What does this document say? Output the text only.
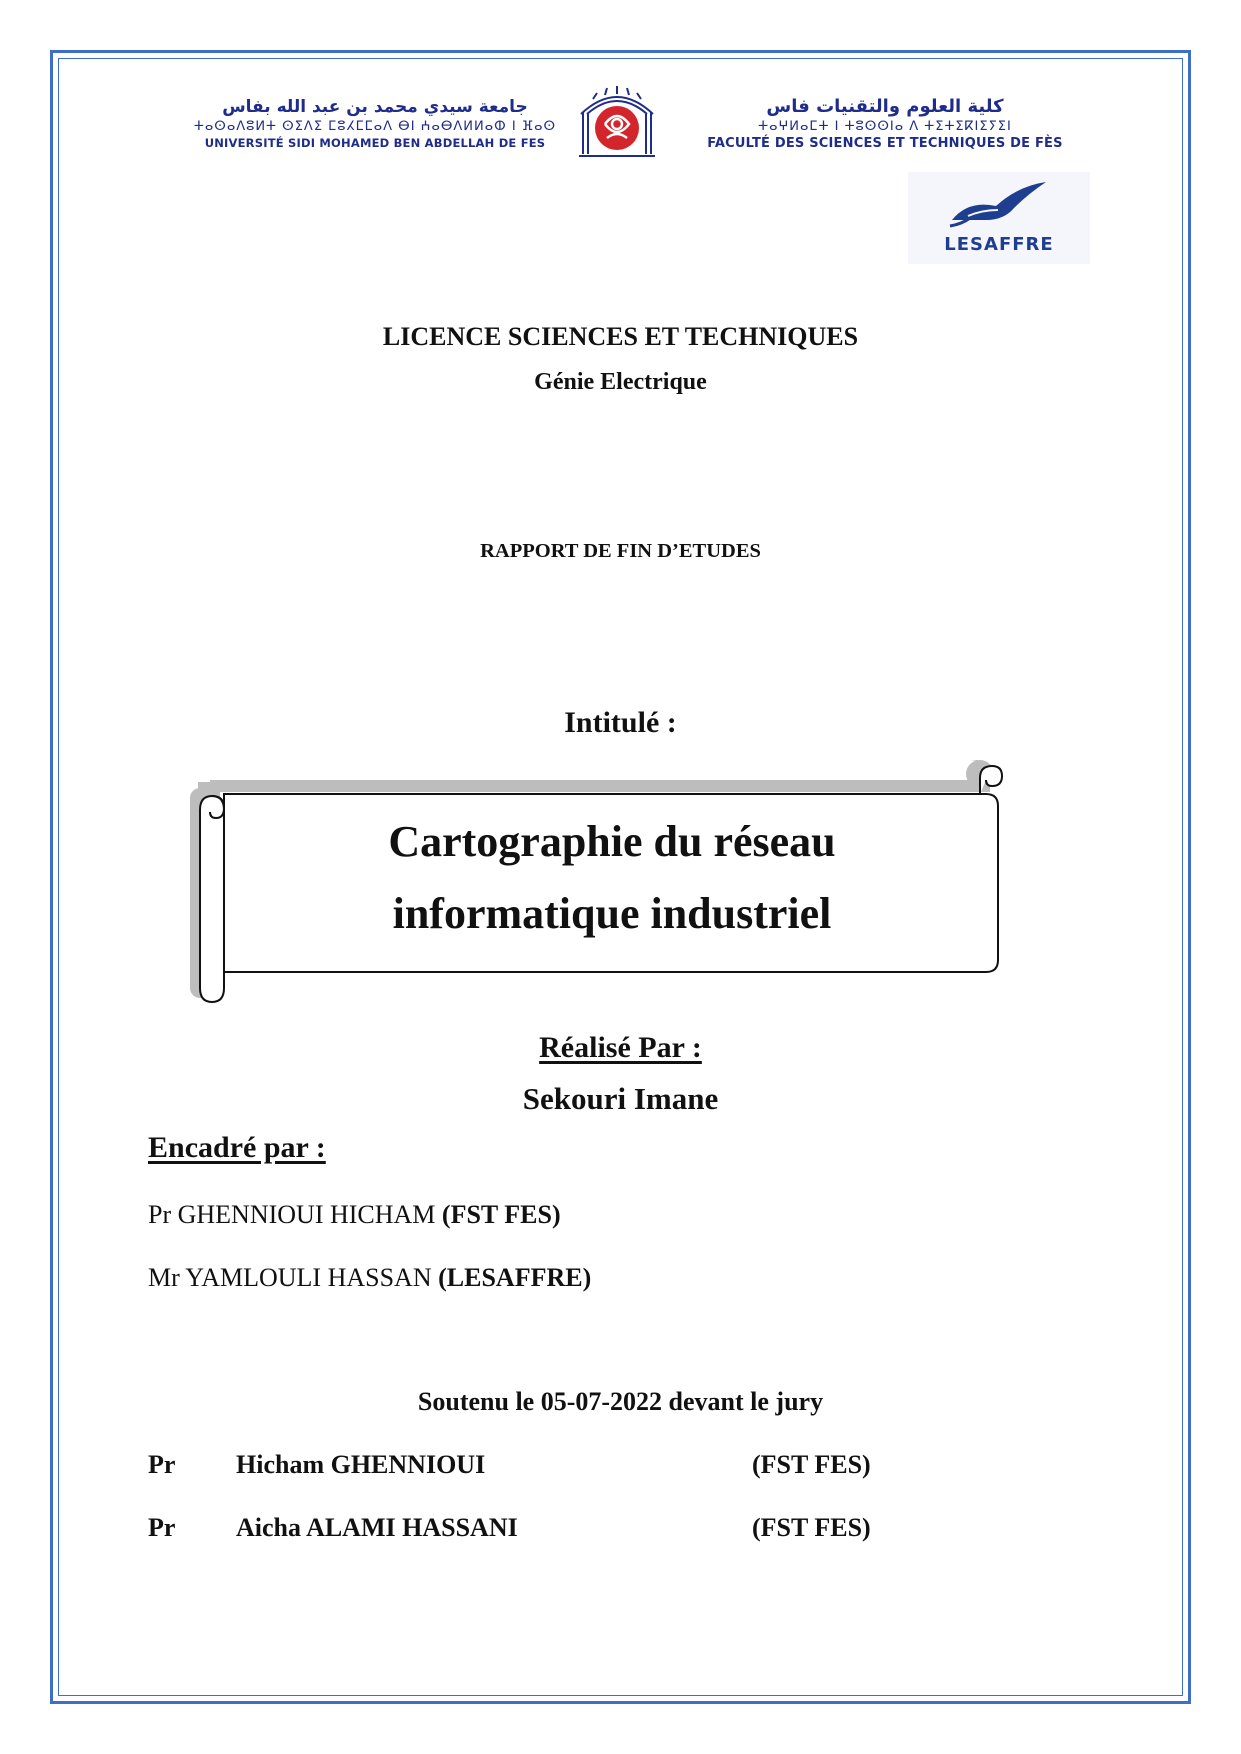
جامعة سيدي محمد بن عبد الله بفاس
ⵜⴰⵙⴰⴷⵓⵍⵜ ⵙⵉⴷⵉ ⵎⵓⵃⵎⵎⴰⴷ ⴱⵏ ⵄⴰⴱⴷⵍⵍⴰⵀ ⵏ ⴼⴰⵙ
UNIVERSITÉ SIDI MOHAMED BEN ABDELLAH DE FES
كلية العلوم والتقنيات فاس
ⵜⴰⵖⵍⴰⵎⵜ ⵏ ⵜⵓⵙⵙⵏⴰ ⴷ ⵜⵉⵜⵉⴽⵏⵉⵢⵉⵏ
FACULTÉ DES SCIENCES ET TECHNIQUES DE FÈS
LESAFFRE
LICENCE SCIENCES ET TECHNIQUES
Génie Electrique
RAPPORT DE FIN D’ETUDES
Intitulé :
Cartographie du réseau
informatique industriel
Réalisé Par :
Sekouri Imane
Encadré par :
Pr GHENNIOUI HICHAM (FST FES)
Mr YAMLOULI HASSAN (LESAFFRE)
Soutenu le 05-07-2022 devant le jury
Pr Hicham GHENNIOUI	(FST FES)
Pr Aicha ALAMI HASSANI	(FST FES)
